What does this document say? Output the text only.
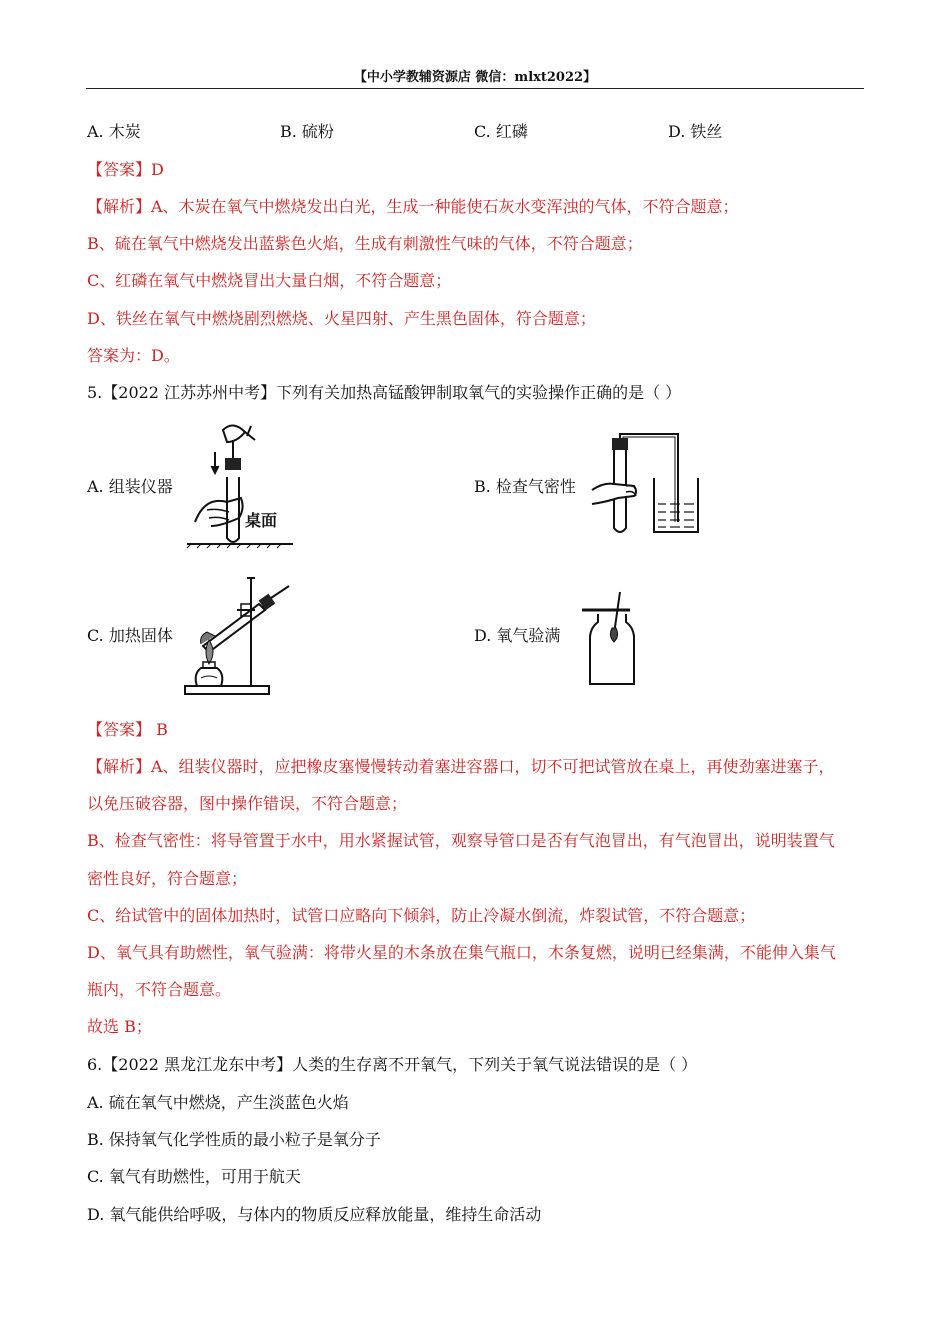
【中小学教辅资源店 微信：mlxt2022】
A. 木炭	B. 硫粉	C. 红磷	D. 铁丝
【答案】D
【解析】A、木炭在氧气中燃烧发出白光，生成一种能使石灰水变浑浊的气体，不符合题意；
B、硫在氧气中燃烧发出蓝紫色火焰，生成有刺激性气味的气体，不符合题意；
C、红磷在氧气中燃烧冒出大量白烟，不符合题意；
D、铁丝在氧气中燃烧剧烈燃烧、火星四射、产生黑色固体，符合题意；
答案为：D。
5.【2022 江苏苏州中考】下列有关加热高锰酸钾制取氧气的实验操作正确的是（ ）
A. 组装仪器	B. 检查气密性
C. 加热固体	D. 氧气验满
桌面
【答案】 B
【解析】A、组装仪器时，应把橡皮塞慢慢转动着塞进容器口，切不可把试管放在桌上，再使劲塞进塞子，
以免压破容器，图中操作错误，不符合题意；
B、检查气密性：将导管置于水中，用水紧握试管，观察导管口是否有气泡冒出，有气泡冒出，说明装置气
密性良好，符合题意；
C、给试管中的固体加热时，试管口应略向下倾斜，防止冷凝水倒流，炸裂试管，不符合题意；
D、氧气具有助燃性，氧气验满：将带火星的木条放在集气瓶口，木条复燃，说明已经集满，不能伸入集气
瓶内，不符合题意。
故选 B；
6.【2022 黑龙江龙东中考】人类的生存离不开氧气，下列关于氧气说法错误的是（ ）
A. 硫在氧气中燃烧，产生淡蓝色火焰
B. 保持氧气化学性质的最小粒子是氧分子
C. 氧气有助燃性，可用于航天
D. 氧气能供给呼吸，与体内的物质反应释放能量，维持生命活动
